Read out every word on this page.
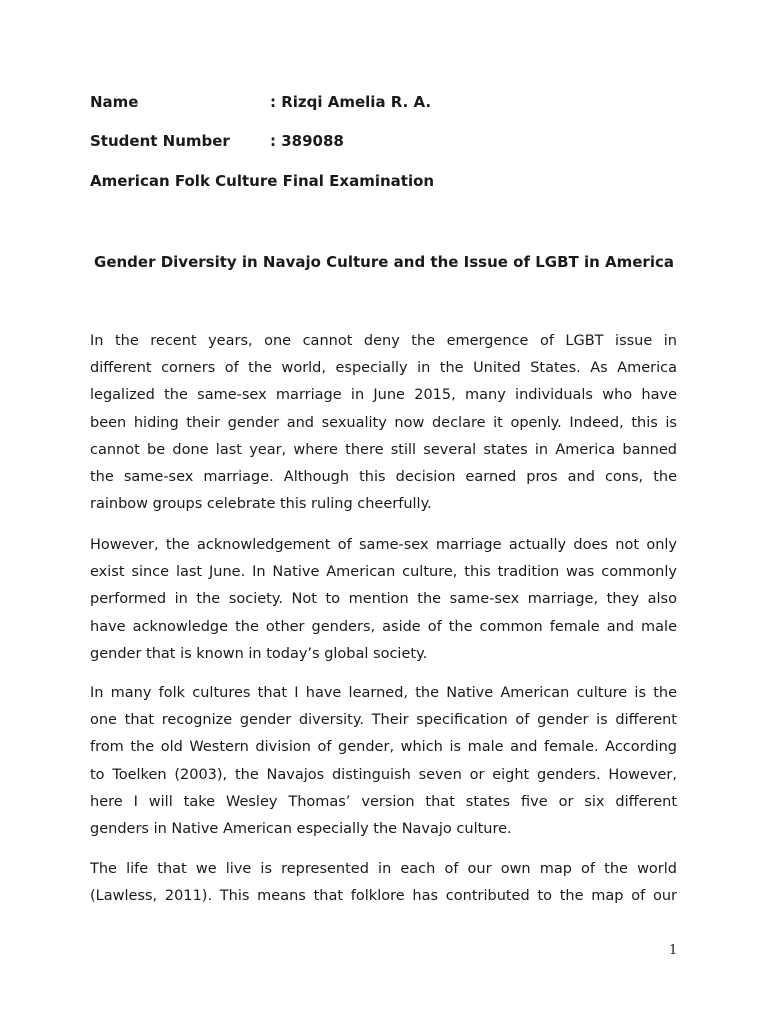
Name	: Rizqi Amelia R. A.
Student Number	: 389088
American Folk Culture Final Examination
Gender Diversity in Navajo Culture and the Issue of LGBT in America
In the recent years, one cannot deny the emergence of LGBT issue in
different corners of the world, especially in the United States. As America
legalized the same-sex marriage in June 2015, many individuals who have
been hiding their gender and sexuality now declare it openly. Indeed, this is
cannot be done last year, where there still several states in America banned
the same-sex marriage. Although this decision earned pros and cons, the
rainbow groups celebrate this ruling cheerfully.
However, the acknowledgement of same-sex marriage actually does not only
exist since last June. In Native American culture, this tradition was commonly
performed in the society. Not to mention the same-sex marriage, they also
have acknowledge the other genders, aside of the common female and male
gender that is known in today’s global society.
In many folk cultures that I have learned, the Native American culture is the
one that recognize gender diversity. Their specification of gender is different
from the old Western division of gender, which is male and female. According
to Toelken (2003), the Navajos distinguish seven or eight genders. However,
here I will take Wesley Thomas’ version that states five or six different
genders in Native American especially the Navajo culture.
The life that we live is represented in each of our own map of the world
(Lawless, 2011). This means that folklore has contributed to the map of our
1
